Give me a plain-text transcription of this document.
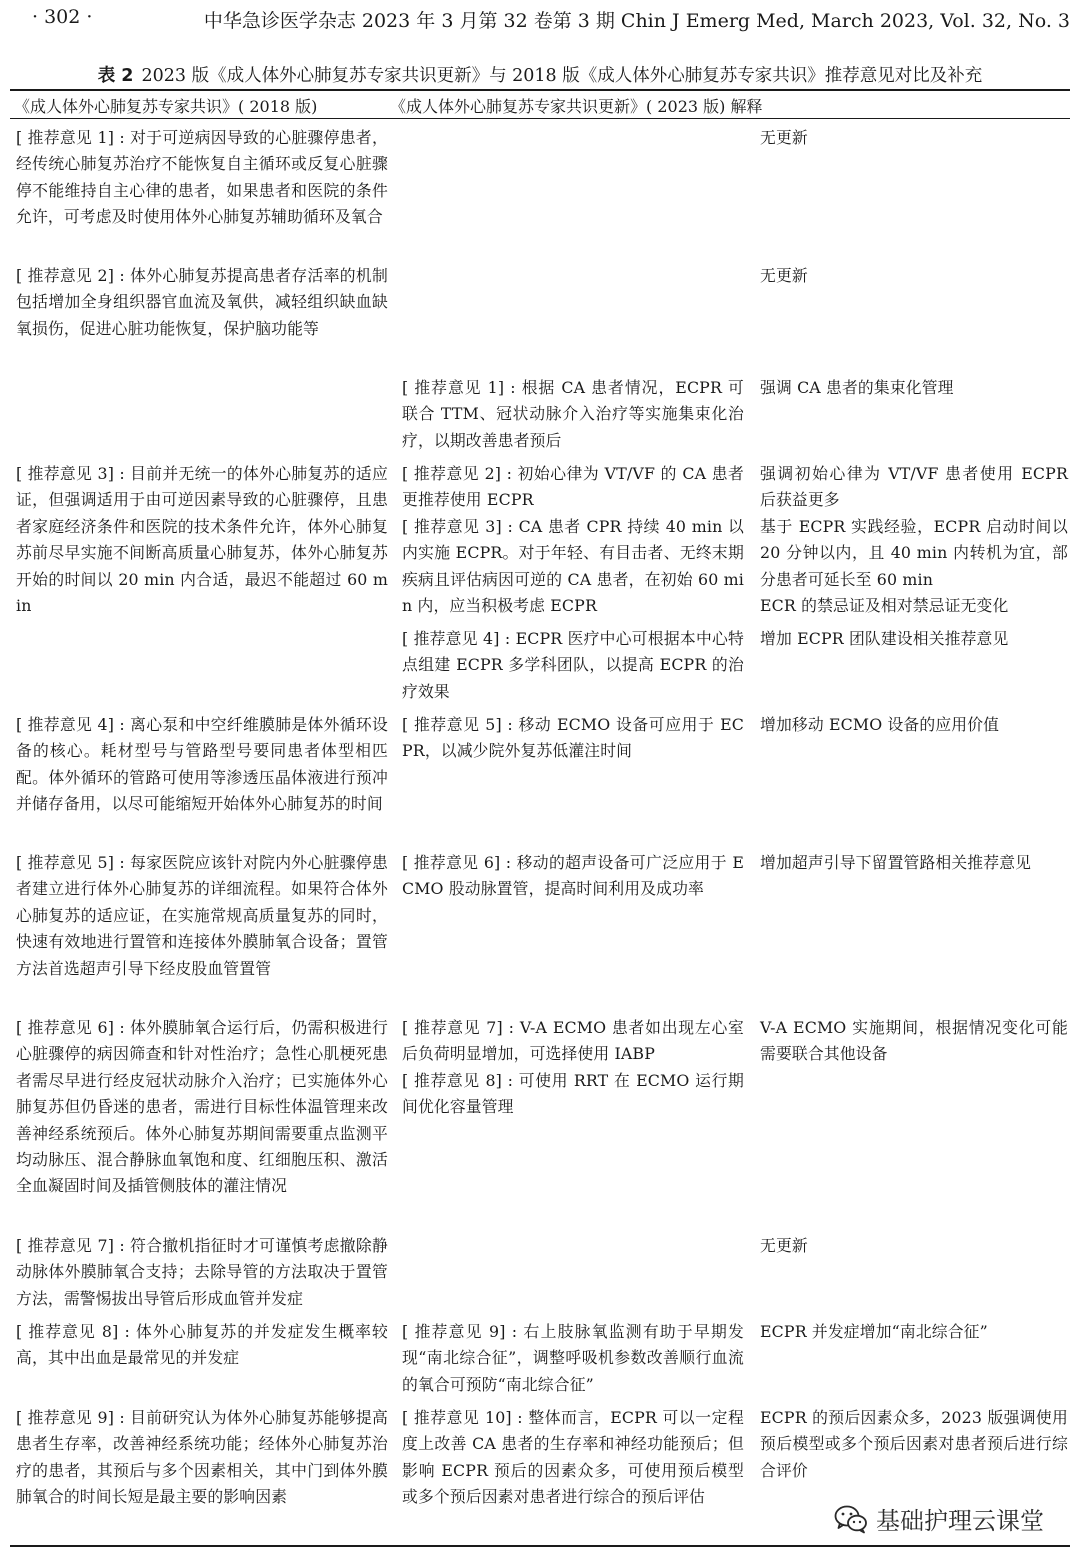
· 302 ·	中华急诊医学杂志 2023 年 3 月第 32 卷第 3 期 Chin J Emerg Med, March 2023, Vol. 32, No. 3
表 2 2023 版《成人体外心肺复苏专家共识更新》与 2018 版《成人体外心肺复苏专家共识》推荐意见对比及补充
《成人体外心肺复苏专家共识》( 2018 版)	《成人体外心肺复苏专家共识更新》( 2023 版) 解释
[ 推荐意见 1] : 对于可逆病因导致的心脏骤停患者，经传统心肺复苏治疗不能恢复自主循环或反复心脏骤停不能维持自主心律的患者，如果患者和医院的条件允许，可考虑及时使用体外心肺复苏辅助循环及氧合

无更新

[ 推荐意见 2] : 体外心肺复苏提高患者存活率的机制包括增加全身组织器官血流及氧供，减轻组织缺血缺氧损伤，促进心脏功能恢复，保护脑功能等

无更新

[ 推荐意见 1] : 根据 CA 患者情况，ECPR 可联合 TTM、冠状动脉介入治疗等实施集束化治疗，以期改善患者预后

强调 CA 患者的集束化管理

[ 推荐意见 3] : 目前并无统一的体外心肺复苏的适应证，但强调适用于由可逆因素导致的心脏骤停，且患者家庭经济条件和医院的技术条件允许，体外心肺复苏前尽早实施不间断高质量心肺复苏，体外心肺复苏开始的时间以 20 min 内合适，最迟不能超过 60 min

[ 推荐意见 2] : 初始心律为 VT/VF 的 CA 患者更推荐使用 ECPR

[ 推荐意见 3] : CA 患者 CPR 持续 40 min 以内实施 ECPR。对于年轻、有目击者、无终末期疾病且评估病因可逆的 CA 患者，在初始 60 min 内，应当积极考虑 ECPR

强调初始心律为 VT/VF 患者使用 ECPR 后获益更多

基于 ECPR 实践经验，ECPR 启动时间以 20 分钟以内，且 40 min 内转机为宜，部分患者可延长至 60 min

ECR 的禁忌证及相对禁忌证无变化

[ 推荐意见 4] : ECPR 医疗中心可根据本中心特点组建 ECPR 多学科团队，以提高 ECPR 的治疗效果

增加 ECPR 团队建设相关推荐意见

[ 推荐意见 4] : 离心泵和中空纤维膜肺是体外循环设备的核心。耗材型号与管路型号要同患者体型相匹配。体外循环的管路可使用等渗透压晶体液进行预冲并储存备用，以尽可能缩短开始体外心肺复苏的时间

[ 推荐意见 5] : 移动 ECMO 设备可应用于 ECPR，以减少院外复苏低灌注时间

增加移动 ECMO 设备的应用价值

[ 推荐意见 5] : 每家医院应该针对院内外心脏骤停患者建立进行体外心肺复苏的详细流程。如果符合体外心肺复苏的适应证，在实施常规高质量复苏的同时，快速有效地进行置管和连接体外膜肺氧合设备；置管方法首选超声引导下经皮股血管置管

[ 推荐意见 6] : 移动的超声设备可广泛应用于 ECMO 股动脉置管，提高时间利用及成功率

增加超声引导下留置管路相关推荐意见

[ 推荐意见 6] : 体外膜肺氧合运行后，仍需积极进行心脏骤停的病因筛查和针对性治疗；急性心肌梗死患者需尽早进行经皮冠状动脉介入治疗；已实施体外心肺复苏但仍昏迷的患者，需进行目标性体温管理来改善神经系统预后。体外心肺复苏期间需要重点监测平均动脉压、混合静脉血氧饱和度、红细胞压积、激活全血凝固时间及插管侧肢体的灌注情况

[ 推荐意见 7] : V-A ECMO 患者如出现左心室后负荷明显增加，可选择使用 IABP

[ 推荐意见 8] : 可使用 RRT 在 ECMO 运行期间优化容量管理

V-A ECMO 实施期间，根据情况变化可能需要联合其他设备

[ 推荐意见 7] : 符合撤机指征时才可谨慎考虑撤除静动脉体外膜肺氧合支持；去除导管的方法取决于置管方法，需警惕拔出导管后形成血管并发症

无更新

[ 推荐意见 8] : 体外心肺复苏的并发症发生概率较高，其中出血是最常见的并发症

[ 推荐意见 9] : 右上肢脉氧监测有助于早期发现“南北综合征”，调整呼吸机参数改善顺行血流的氧合可预防“南北综合征”

ECPR 并发症增加“南北综合征”

[ 推荐意见 9] : 目前研究认为体外心肺复苏能够提高患者生存率，改善神经系统功能；经体外心肺复苏治疗的患者，其预后与多个因素相关，其中门到体外膜肺氧合的时间长短是最主要的影响因素

[ 推荐意见 10] : 整体而言，ECPR 可以一定程度上改善 CA 患者的生存率和神经功能预后；但影响 ECPR 预后的因素众多，可使用预后模型或多个预后因素对患者进行综合的预后评估

ECPR 的预后因素众多，2023 版强调使用预后模型或多个预后因素对患者预后进行综合评价

基础护理云课堂
